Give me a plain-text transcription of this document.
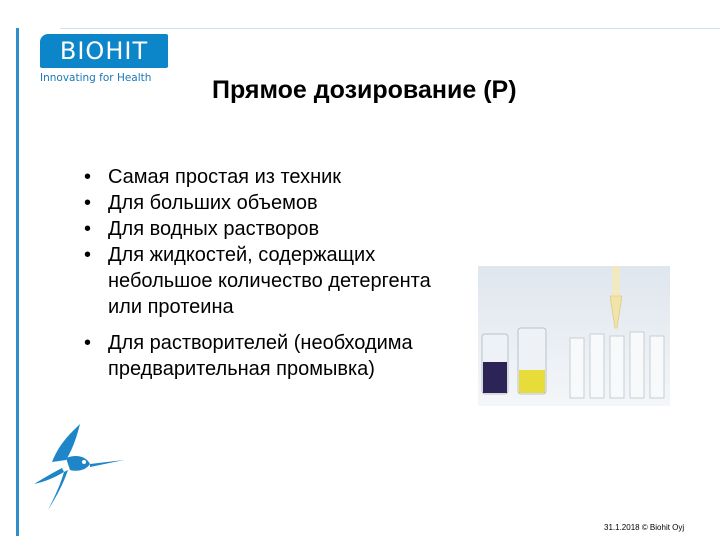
BIOHIT
Innovating for Health	Прямое дозирование (P)
• Самая простая из техник
• Для больших объемов
• Для водных растворов
• Для жидкостей, содержащих небольшое количество детергента или протеина
• Для растворителей (необходима предварительная промывка)
31.1.2018 © Biohit Oyj
